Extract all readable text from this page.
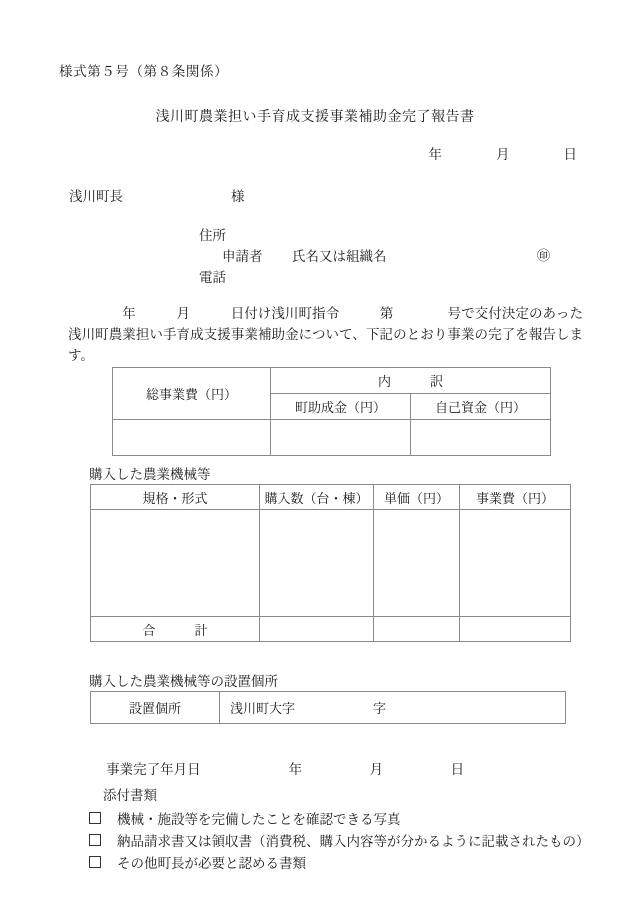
様式第５号（第８条関係）
浅川町農業担い手育成支援事業補助金完了報告書
年　　　　月　　　　日
浅川町長　　　　　　　　様

住所

申請者

氏名又は組織名

	㊞

電話

　　　　年　　　月　　　日付け浅川町指令　　　第　　　　号で交付決定のあった浅川町農業担い手育成支援事業補助金について、下記のとおり事業の完了を報告します。
総事業費（円）	内　　　訳	
	町助成金（円）	自己資金（円）

購入した農業機械等
規格・形式	購入数（台・棟）	単価（円）	事業費（円）

合　　　計			
購入した農業機械等の設置個所
設置個所	浅川町大字　　　　　　字

事業完了年月日	年　　　　　月　　　　　日

添付書類
機械・施設等を完備したことを確認できる写真
納品請求書又は領収書（消費税、購入内容等が分かるように記載されたもの）
その他町長が必要と認める書類
